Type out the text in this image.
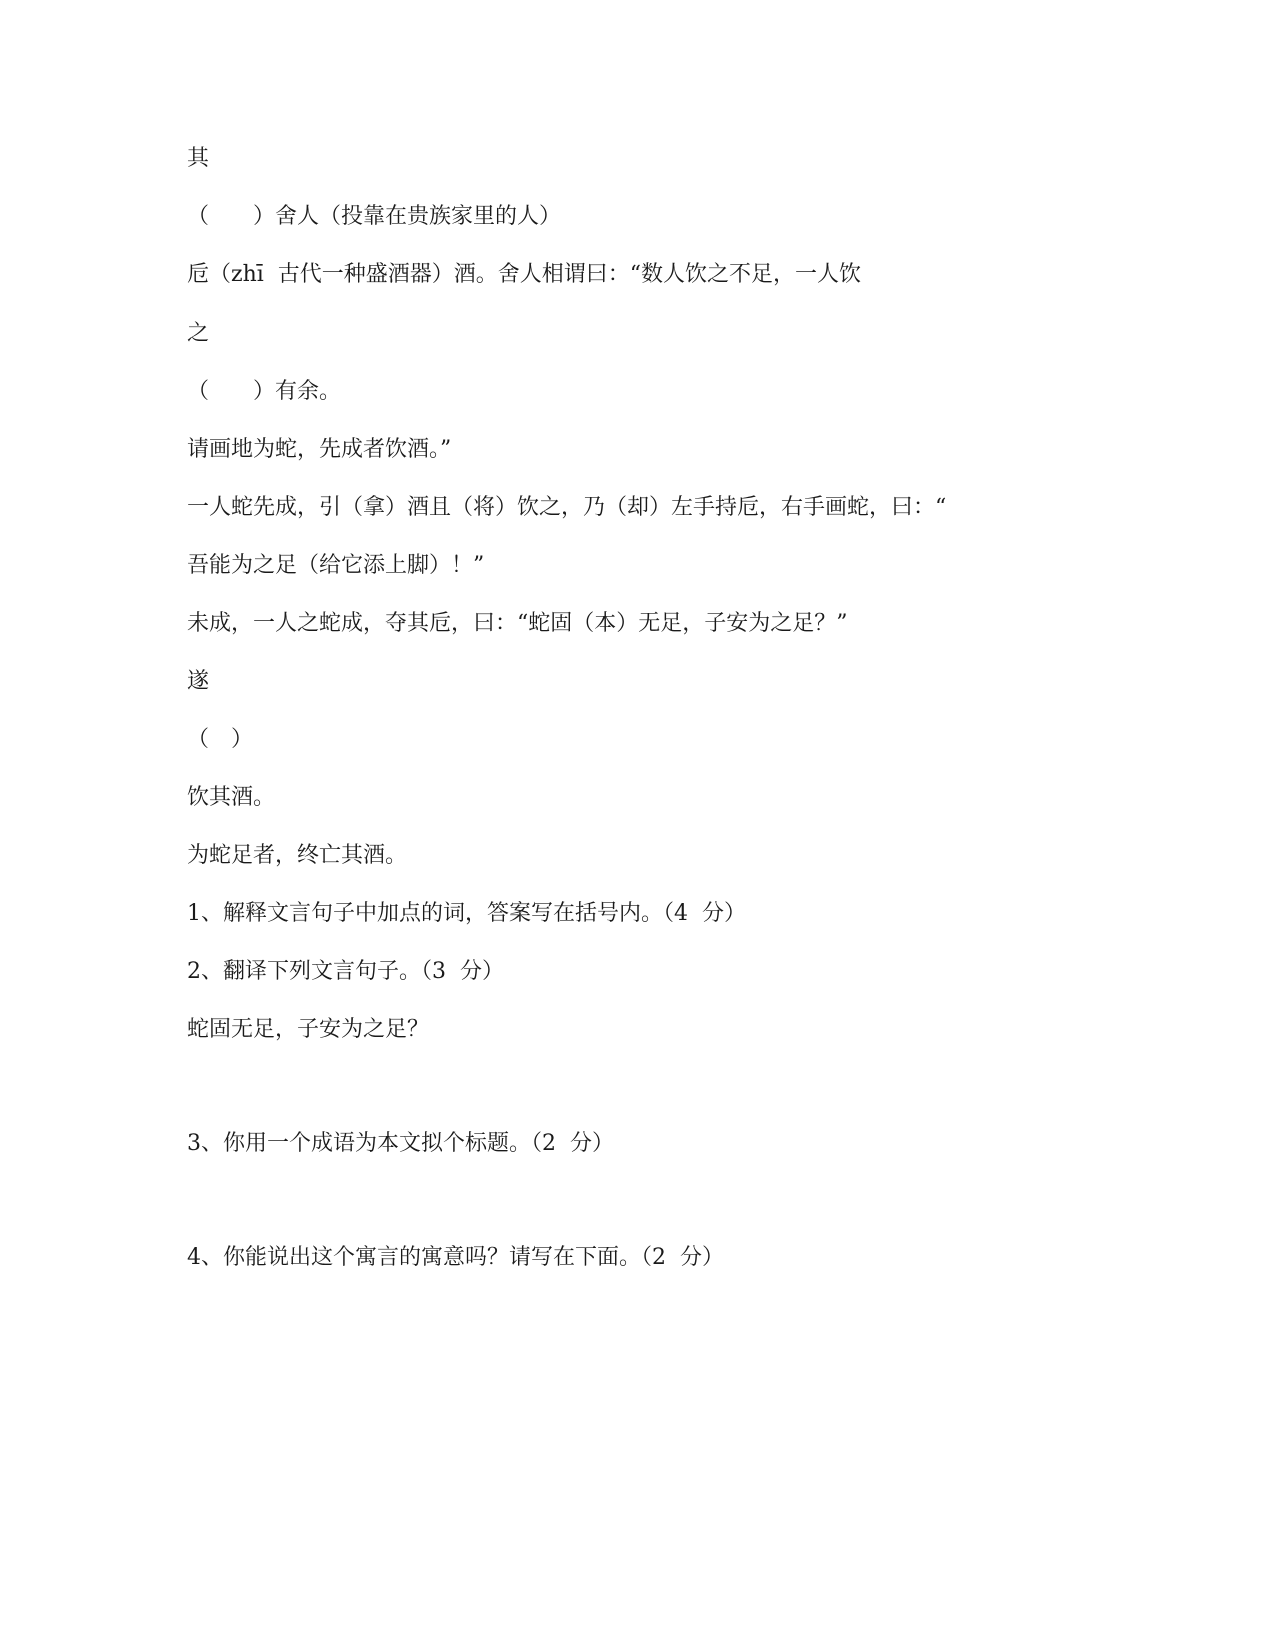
其
（　　）舍人（投靠在贵族家里的人）
卮（zhī  古代一种盛酒器）酒。舍人相谓曰：“数人饮之不足，一人饮
之
（　　）有余。
请画地为蛇，先成者饮酒。”
一人蛇先成，引（拿）酒且（将）饮之，乃（却）左手持卮，右手画蛇，曰：“
吾能为之足（给它添上脚）！”
未成，一人之蛇成，夺其卮，曰：“蛇固（本）无足，子安为之足？”
遂
（　）
饮其酒。
为蛇足者，终亡其酒。
1、解释文言句子中加点的词，答案写在括号内。（4  分）
2、翻译下列文言句子。（3  分）
蛇固无足，子安为之足？
3、你用一个成语为本文拟个标题。（2  分）
4、你能说出这个寓言的寓意吗？请写在下面。（2  分）
